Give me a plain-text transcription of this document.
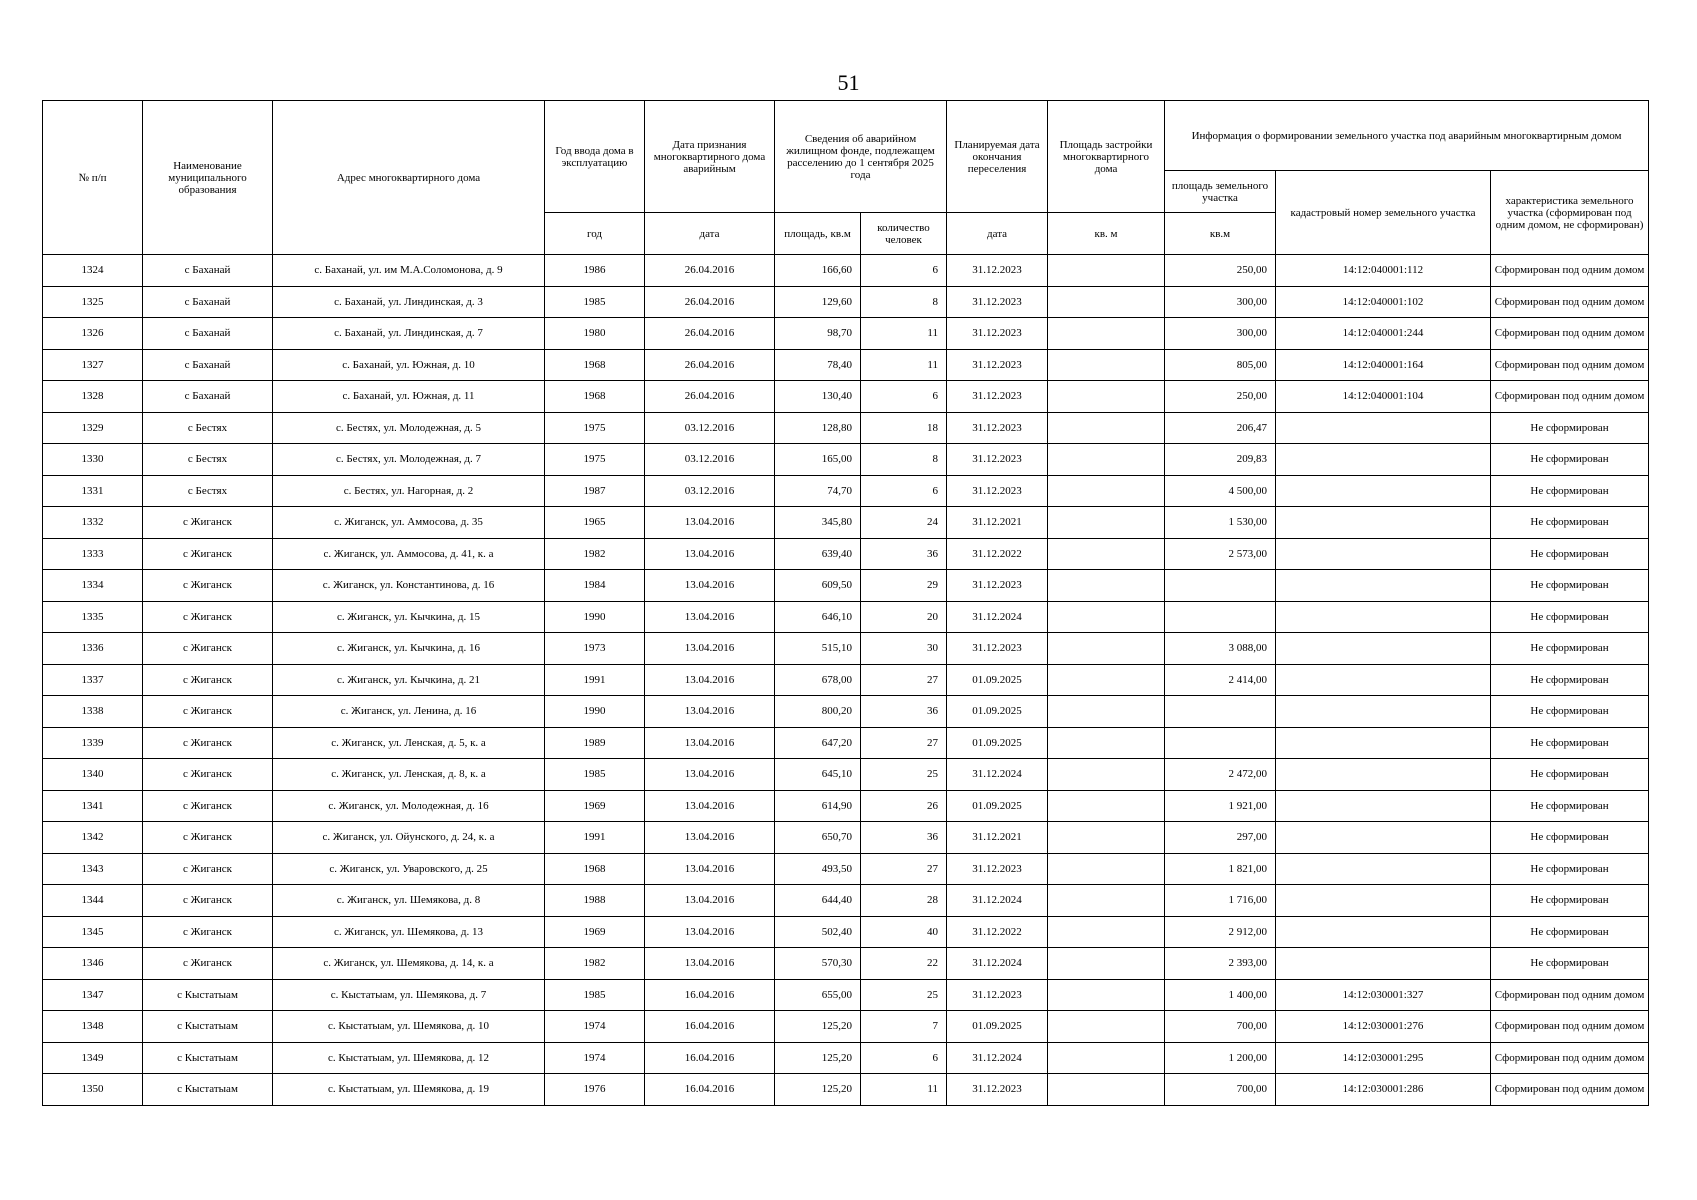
51
№ п/п	Наименование муниципального образования	Адрес многоквартирного дома	Год ввода дома в эксплуатацию	Дата признания многоквартирного дома аварийным	Сведения об аварийном жилищном фонде, подлежащем расселению до 1 сентября 2025 года		Планируемая дата окончания переселения	Площадь застройки многоквартирного дома	Информация о формировании земельного участка под аварийным многоквартирным домом		
									площадь земельного участка	кадастровый номер земельного участка	характеристика земельного участка (сформирован под одним домом, не сформирован)
			год	дата	площадь, кв.м	количество человек	дата	кв. м	кв.м		
1324	с Баханай	с. Баханай, ул. им М.А.Соломонова, д. 9	1986	26.04.2016	166,60	6	31.12.2023		250,00	14:12:040001:112	Сформирован под одним домом
1325	с Баханай	с. Баханай, ул. Линдинская, д. 3	1985	26.04.2016	129,60	8	31.12.2023		300,00	14:12:040001:102	Сформирован под одним домом
1326	с Баханай	с. Баханай, ул. Линдинская, д. 7	1980	26.04.2016	98,70	11	31.12.2023		300,00	14:12:040001:244	Сформирован под одним домом
1327	с Баханай	с. Баханай, ул. Южная, д. 10	1968	26.04.2016	78,40	11	31.12.2023		805,00	14:12:040001:164	Сформирован под одним домом
1328	с Баханай	с. Баханай, ул. Южная, д. 11	1968	26.04.2016	130,40	6	31.12.2023		250,00	14:12:040001:104	Сформирован под одним домом
1329	с Бестях	с. Бестях, ул. Молодежная, д. 5	1975	03.12.2016	128,80	18	31.12.2023		206,47		Не сформирован
1330	с Бестях	с. Бестях, ул. Молодежная, д. 7	1975	03.12.2016	165,00	8	31.12.2023		209,83		Не сформирован
1331	с Бестях	с. Бестях, ул. Нагорная, д. 2	1987	03.12.2016	74,70	6	31.12.2023		4 500,00		Не сформирован
1332	с Жиганск	с. Жиганск, ул. Аммосова, д. 35	1965	13.04.2016	345,80	24	31.12.2021		1 530,00		Не сформирован
1333	с Жиганск	с. Жиганск, ул. Аммосова, д. 41, к. а	1982	13.04.2016	639,40	36	31.12.2022		2 573,00		Не сформирован
1334	с Жиганск	с. Жиганск, ул. Константинова, д. 16	1984	13.04.2016	609,50	29	31.12.2023				Не сформирован
1335	с Жиганск	с. Жиганск, ул. Кычкина, д. 15	1990	13.04.2016	646,10	20	31.12.2024				Не сформирован
1336	с Жиганск	с. Жиганск, ул. Кычкина, д. 16	1973	13.04.2016	515,10	30	31.12.2023		3 088,00		Не сформирован
1337	с Жиганск	с. Жиганск, ул. Кычкина, д. 21	1991	13.04.2016	678,00	27	01.09.2025		2 414,00		Не сформирован
1338	с Жиганск	с. Жиганск, ул. Ленина, д. 16	1990	13.04.2016	800,20	36	01.09.2025				Не сформирован
1339	с Жиганск	с. Жиганск, ул. Ленская, д. 5, к. а	1989	13.04.2016	647,20	27	01.09.2025				Не сформирован
1340	с Жиганск	с. Жиганск, ул. Ленская, д. 8, к. а	1985	13.04.2016	645,10	25	31.12.2024		2 472,00		Не сформирован
1341	с Жиганск	с. Жиганск, ул. Молодежная, д. 16	1969	13.04.2016	614,90	26	01.09.2025		1 921,00		Не сформирован
1342	с Жиганск	с. Жиганск, ул. Ойунского, д. 24, к. а	1991	13.04.2016	650,70	36	31.12.2021		297,00		Не сформирован
1343	с Жиганск	с. Жиганск, ул. Уваровского, д. 25	1968	13.04.2016	493,50	27	31.12.2023		1 821,00		Не сформирован
1344	с Жиганск	с. Жиганск, ул. Шемякова, д. 8	1988	13.04.2016	644,40	28	31.12.2024		1 716,00		Не сформирован
1345	с Жиганск	с. Жиганск, ул. Шемякова, д. 13	1969	13.04.2016	502,40	40	31.12.2022		2 912,00		Не сформирован
1346	с Жиганск	с. Жиганск, ул. Шемякова, д. 14, к. а	1982	13.04.2016	570,30	22	31.12.2024		2 393,00		Не сформирован
1347	с Кыстатыам	с. Кыстатыам, ул. Шемякова, д. 7	1985	16.04.2016	655,00	25	31.12.2023		1 400,00	14:12:030001:327	Сформирован под одним домом
1348	с Кыстатыам	с. Кыстатыам, ул. Шемякова, д. 10	1974	16.04.2016	125,20	7	01.09.2025		700,00	14:12:030001:276	Сформирован под одним домом
1349	с Кыстатыам	с. Кыстатыам, ул. Шемякова, д. 12	1974	16.04.2016	125,20	6	31.12.2024		1 200,00	14:12:030001:295	Сформирован под одним домом
1350	с Кыстатыам	с. Кыстатыам, ул. Шемякова, д. 19	1976	16.04.2016	125,20	11	31.12.2023		700,00	14:12:030001:286	Сформирован под одним домом
